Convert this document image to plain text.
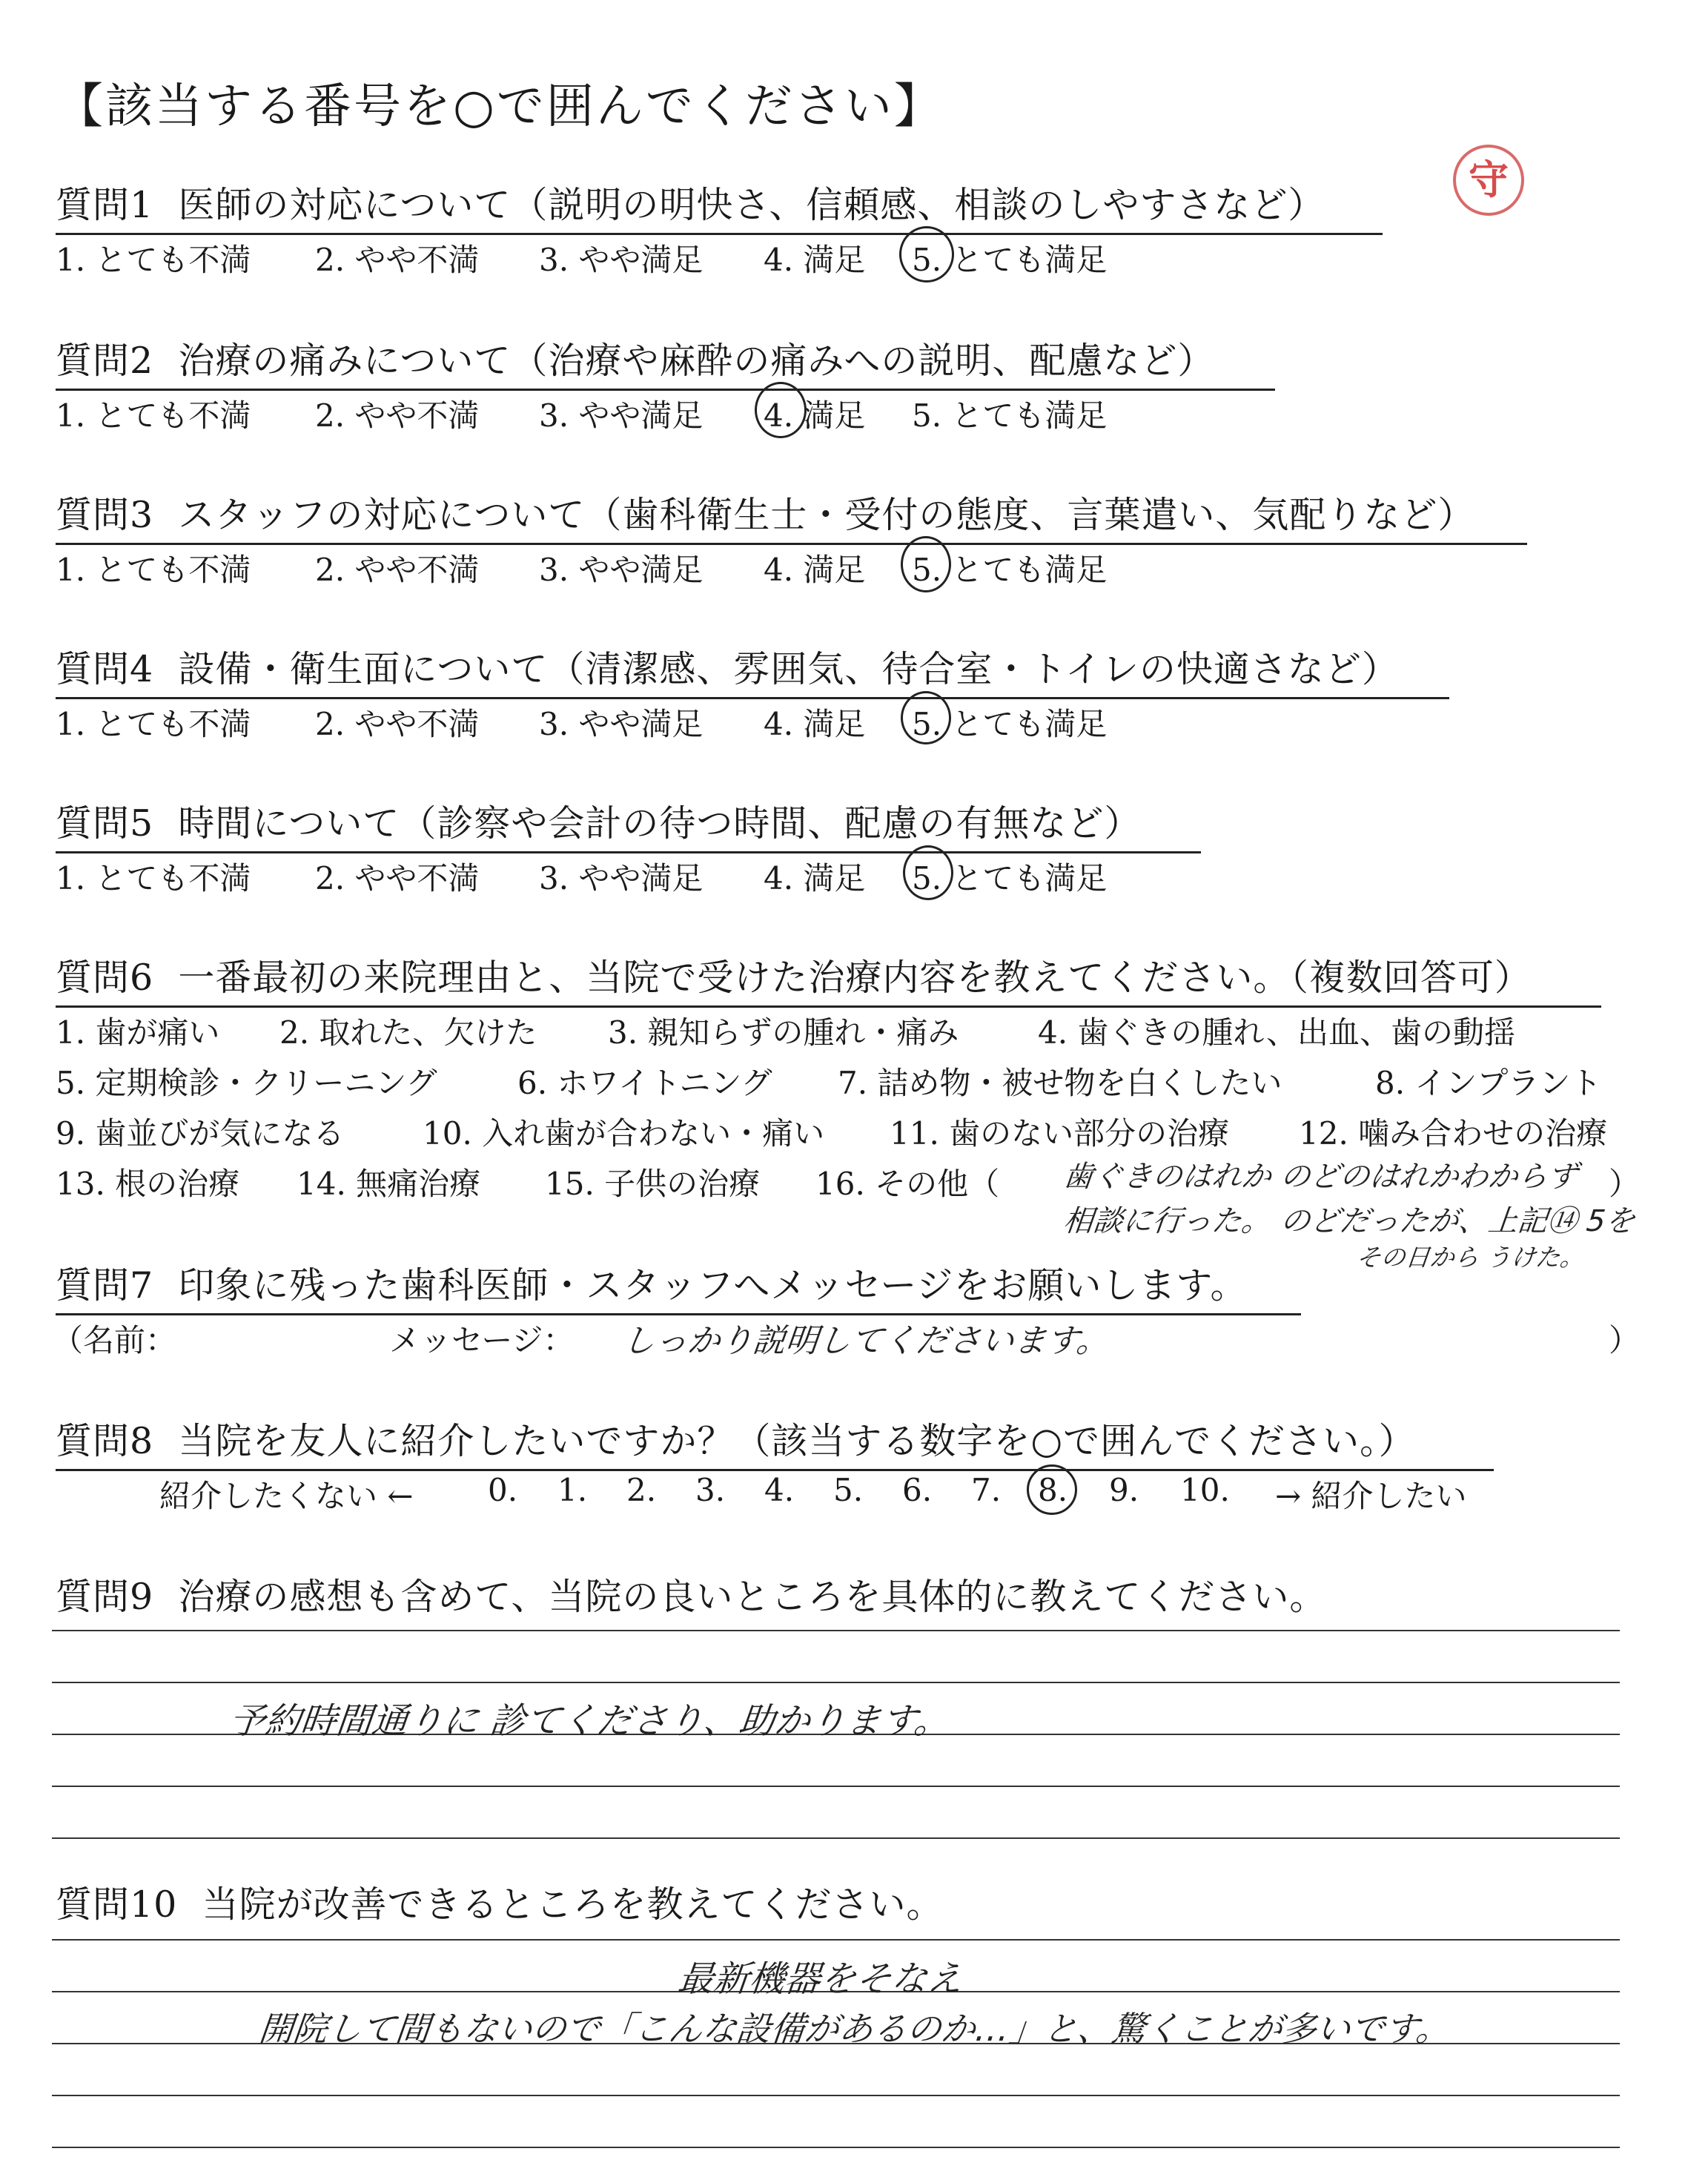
【該当する番号を○で囲んでください】
守
質問1 医師の対応について（説明の明快さ、信頼感、相談のしやすさなど）
1. とても不満 2. やや不満 3. やや満足 4. 満足 5. とても満足
質問2 治療の痛みについて（治療や麻酔の痛みへの説明、配慮など）
1. とても不満 2. やや不満 3. やや満足 4. 満足 5. とても満足
質問3 スタッフの対応について（歯科衛生士・受付の態度、言葉遣い、気配りなど）
1. とても不満 2. やや不満 3. やや満足 4. 満足 5. とても満足
質問4 設備・衛生面について（清潔感、雰囲気、待合室・トイレの快適さなど）
1. とても不満 2. やや不満 3. やや満足 4. 満足 5. とても満足
質問5 時間について（診察や会計の待つ時間、配慮の有無など）
1. とても不満 2. やや不満 3. やや満足 4. 満足 5. とても満足
質問6 一番最初の来院理由と、当院で受けた治療内容を教えてください。（複数回答可）
1. 歯が痛い 2. 取れた、欠けた 3. 親知らずの腫れ・痛み	4. 歯ぐきの腫れ、出血、歯の動揺
5. 定期検診・クリーニング	6. ホワイトニング 7. 詰め物・被せ物を白くしたい	8. インプラント
9. 歯並びが気になる	10. 入れ歯が合わない・痛い 11. 歯のない部分の治療 12. 噛み合わせの治療
13. 根の治療 14. 無痛治療 15. 子供の治療 16. その他（	）
歯ぐきのはれか のどのはれかわからず
相談に行った。 のどだったが、上記⑭ 5を
その日から うけた。
質問7 印象に残った歯科医師・スタッフへメッセージをお願いします。
（名前：	メッセージ：	）
しっかり説明してくださいます。
質問8 当院を友人に紹介したいですか？（該当する数字を○で囲んでください。）
紹介したくない ← 0. 1. 2. 3. 4. 5. 6. 7. 8. 9. 10. → 紹介したい
質問9 治療の感想も含めて、当院の良いところを具体的に教えてください。
予約時間通りに 診てくださり、助かります。
質問10 当院が改善できるところを教えてください。
最新機器をそなえ
開院して間もないので「こんな設備があるのか…」と、驚くことが多いです。
